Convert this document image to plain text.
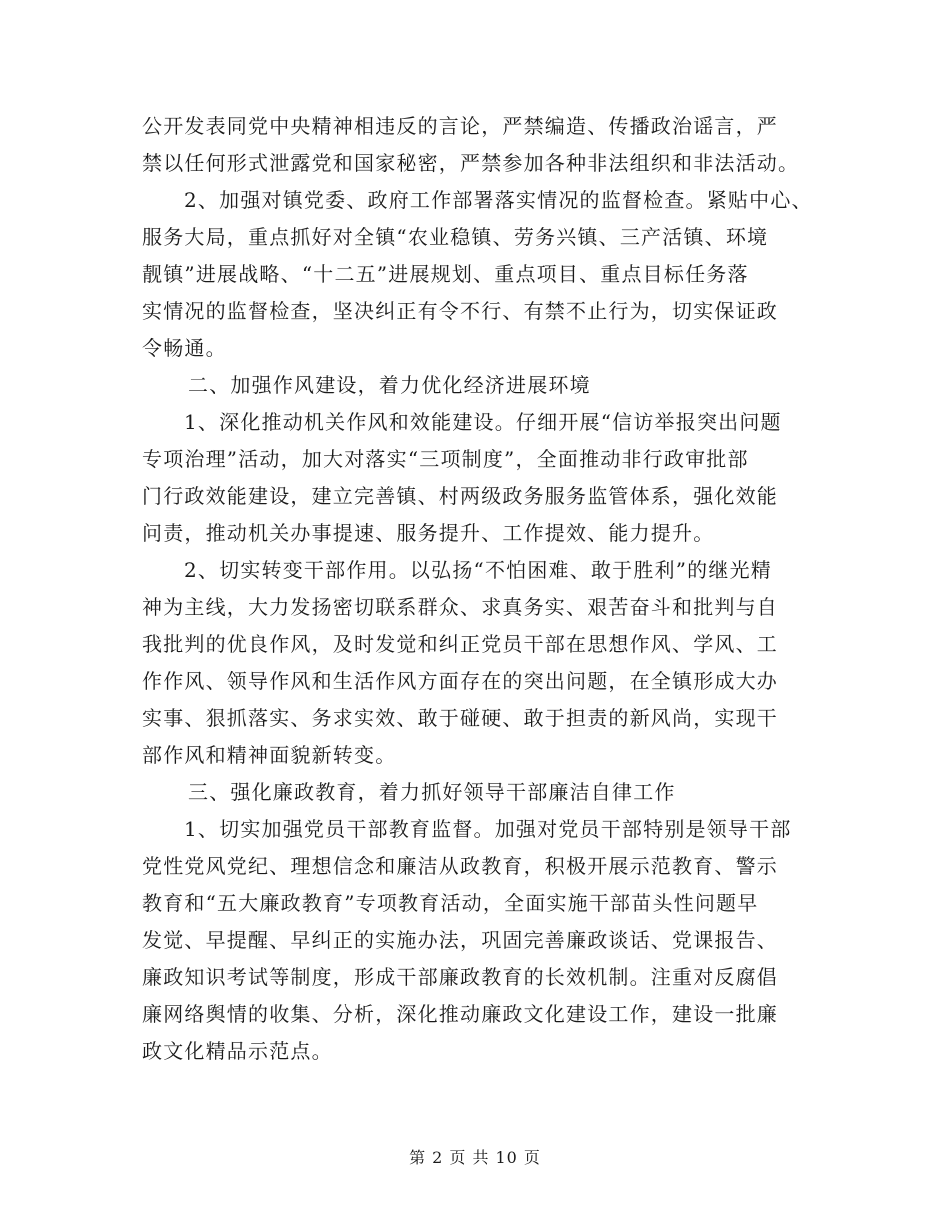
公开发表同党中央精神相违反的言论，严禁编造、传播政治谣言，严
禁以任何形式泄露党和国家秘密，严禁参加各种非法组织和非法活动。
2、加强对镇党委、政府工作部署落实情况的监督检查。紧贴中心、
服务大局，重点抓好对全镇“农业稳镇、劳务兴镇、三产活镇、环境
靓镇”进展战略、“十二五”进展规划、重点项目、重点目标任务落
实情况的监督检查，坚决纠正有令不行、有禁不止行为，切实保证政
令畅通。
二、加强作风建设，着力优化经济进展环境
1、深化推动机关作风和效能建设。仔细开展“信访举报突出问题
专项治理”活动，加大对落实“三项制度”，全面推动非行政审批部
门行政效能建设，建立完善镇、村两级政务服务监管体系，强化效能
问责，推动机关办事提速、服务提升、工作提效、能力提升。
2、切实转变干部作用。以弘扬“不怕困难、敢于胜利”的继光精
神为主线，大力发扬密切联系群众、求真务实、艰苦奋斗和批判与自
我批判的优良作风，及时发觉和纠正党员干部在思想作风、学风、工
作作风、领导作风和生活作风方面存在的突出问题，在全镇形成大办
实事、狠抓落实、务求实效、敢于碰硬、敢于担责的新风尚，实现干
部作风和精神面貌新转变。
三、强化廉政教育，着力抓好领导干部廉洁自律工作
1、切实加强党员干部教育监督。加强对党员干部特别是领导干部
党性党风党纪、理想信念和廉洁从政教育，积极开展示范教育、警示
教育和“五大廉政教育”专项教育活动，全面实施干部苗头性问题早
发觉、早提醒、早纠正的实施办法，巩固完善廉政谈话、党课报告、
廉政知识考试等制度，形成干部廉政教育的长效机制。注重对反腐倡
廉网络舆情的收集、分析，深化推动廉政文化建设工作，建设一批廉
政文化精品示范点。
第 2 页 共 10 页
